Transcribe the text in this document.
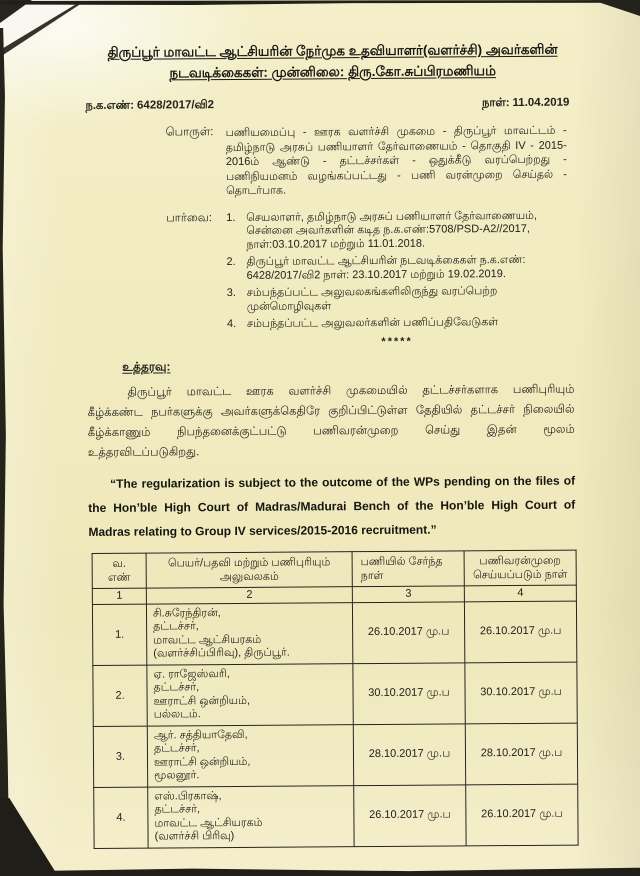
திருப்பூர் மாவட்ட ஆட்சியரின் நேர்முக உதவியாளர்(வளர்ச்சி) அவர்களின்
நடவடிக்கைகள்: முன்னிலை: திரு.கோ.சுப்பிரமணியம்
ந.க.எண்: 6428/2017/வி2	நாள்: 11.04.2019
பொருள்:	பணியமைப்பு - ஊரக வளர்ச்சி முகமை - திருப்பூர் மாவட்டம் - தமிழ்நாடு அரசுப் பணியாளர் தேர்வாணையம் - தொகுதி IV - 2015-2016ம் ஆண்டு - தட்டச்சர்கள் - ஒதுக்கீடு வரப்பெற்றது - பணிநியமனம் வழங்கப்பட்டது - பணி வரன்முறை செய்தல் - தொடர்பாக.
பார்வை:	1. செயலாளர், தமிழ்நாடு அரசுப் பணியாளர் தேர்வாணையம், சென்னை அவர்களின் கடித ந.க.எண்:5708/PSD-A2//2017, நாள்:03.10.2017 மற்றும் 11.01.2018.
2. திருப்பூர் மாவட்ட ஆட்சியரின் நடவடிக்கைகள் ந.க.எண்: 6428/2017/வி2 நாள்: 23.10.2017 மற்றும் 19.02.2019.
3. சம்பந்தப்பட்ட அலுவலகங்களிலிருந்து வரப்பெற்ற முன்மொழிவுகள்
4. சம்பந்தப்பட்ட அலுவலர்களின் பணிப்பதிவேடுகள்
*****
உத்தரவு:

திருப்பூர் மாவட்ட ஊரக வளர்ச்சி முகமையில் தட்டச்சர்களாக பணிபுரியும் கீழ்க்கண்ட நபர்களுக்கு அவர்களுக்கெதிரே குறிப்பிட்டுள்ள தேதியில் தட்டச்சர் நிலையில் கீழ்க்காணும் நிபந்தனைக்குட்பட்டு பணிவரன்முறை செய்து இதன் மூலம் உத்தரவிடப்படுகிறது.

“The regularization is subject to the outcome of the WPs pending on the files of the Hon’ble High Court of Madras/Madurai Bench of the Hon’ble High Court of Madras relating to Group IV services/2015-2016 recruitment.”

வ.
எண்	பெயர்/பதவி மற்றும் பணிபுரியும்
அலுவலகம்	பணியில் சேர்ந்த
நாள்	பணிவரன்முறை
செய்யப்படும் நாள்
1	2	3	4
1.	சி.சுரேந்திரன்,
தட்டச்சர்,
மாவட்ட ஆட்சியரகம்
(வளர்ச்சிப்பிரிவு), திருப்பூர்.	26.10.2017 மு.ப	26.10.2017 மு.ப
2.	ஏ. ராஜேஸ்வரி,
தட்டச்சர்,
ஊராட்சி ஒன்றியம்,
பல்லடம்.	30.10.2017 மு.ப	30.10.2017 மு.ப
3.	ஆர். சத்தியாதேவி,
தட்டச்சர்,
ஊராட்சி ஒன்றியம்,
மூலனூர்.	28.10.2017 மு.ப	28.10.2017 மு.ப
4.	எஸ்.பிரகாஷ்,
தட்டச்சர்,
மாவட்ட ஆட்சியரகம்
(வளர்ச்சி பிரிவு)	26.10.2017 மு.ப	26.10.2017 மு.ப
